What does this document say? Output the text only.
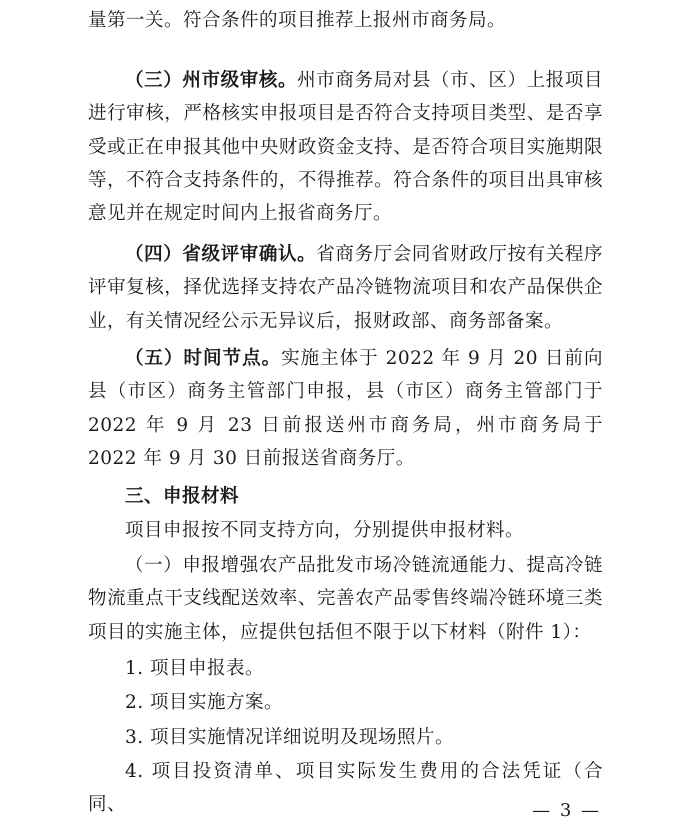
量第一关。符合条件的项目推荐上报州市商务局。

（三）州市级审核。州市商务局对县（市、区）上报项目进行审核，严格核实申报项目是否符合支持项目类型、是否享受或正在申报其他中央财政资金支持、是否符合项目实施期限等，不符合支持条件的，不得推荐。符合条件的项目出具审核意见并在规定时间内上报省商务厅。

（四）省级评审确认。省商务厅会同省财政厅按有关程序评审复核，择优选择支持农产品冷链物流项目和农产品保供企业，有关情况经公示无异议后，报财政部、商务部备案。

（五）时间节点。实施主体于 2022 年 9 月 20 日前向县（市区）商务主管部门申报，县（市区）商务主管部门于 2022 年 9 月 23 日前报送州市商务局，州市商务局于 2022 年 9 月 30 日前报送省商务厅。

三、申报材料

项目申报按不同支持方向，分别提供申报材料。

（一）申报增强农产品批发市场冷链流通能力、提高冷链物流重点干支线配送效率、完善农产品零售终端冷链环境三类项目的实施主体，应提供包括但不限于以下材料（附件 1）：

1. 项目申报表。

2. 项目实施方案。

3. 项目实施情况详细说明及现场照片。

4. 项目投资清单、项目实际发生费用的合法凭证（合同、	— 3 —
